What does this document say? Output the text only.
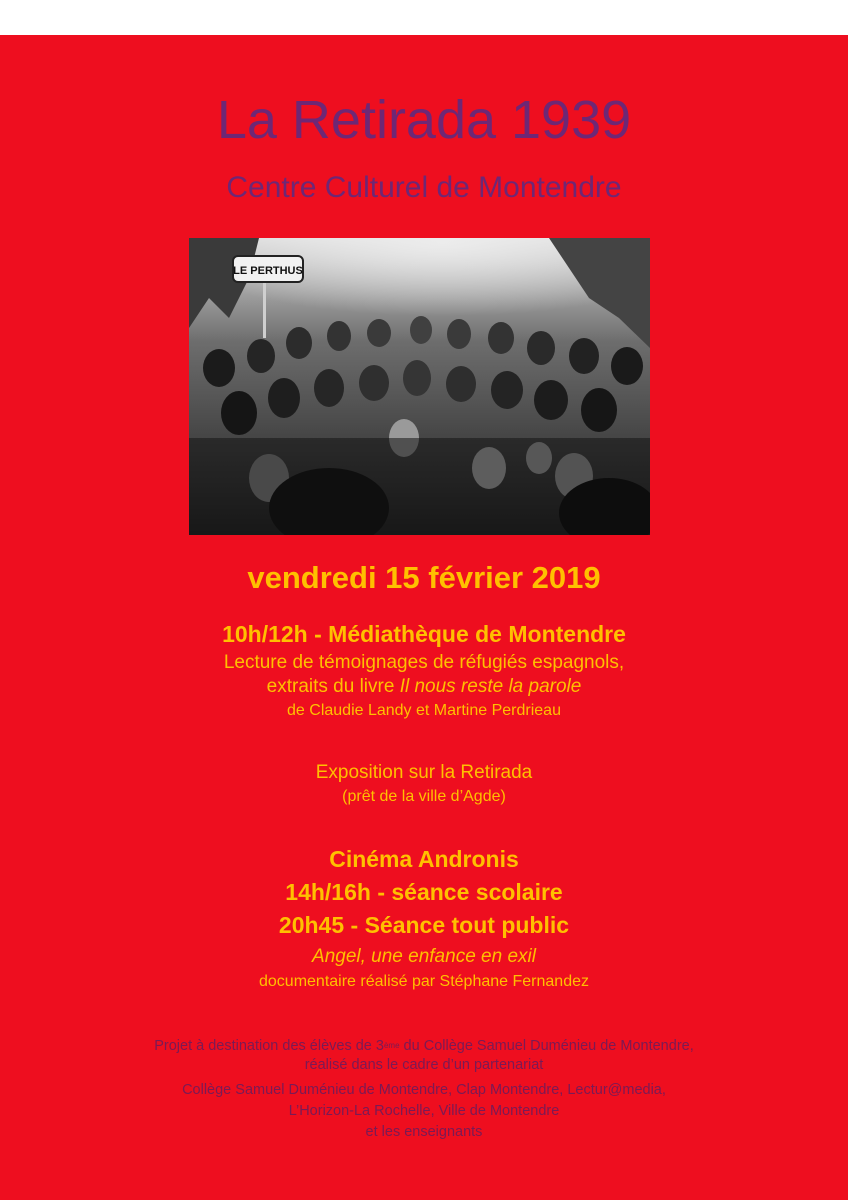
La Retirada 1939
Centre Culturel de Montendre
LE PERTHUS
vendredi 15 février 2019
10h/12h - Médiathèque de Montendre
Lecture de témoignages de réfugiés espagnols,
extraits du livre Il nous reste la parole
de Claudie Landy et Martine Perdrieau
Exposition sur la Retirada
(prêt de la ville d’Agde)
Cinéma Andronis
14h/16h - séance scolaire
20h45 - Séance tout public
Angel, une enfance en exil
documentaire réalisé par Stéphane Fernandez
Projet à destination des élèves de 3ème du Collège Samuel Duménieu de Montendre,
réalisé dans le cadre d’un partenariat
Collège Samuel Duménieu de Montendre, Clap Montendre, Lectur@media,
L’Horizon-La Rochelle, Ville de Montendre
et les enseignants
